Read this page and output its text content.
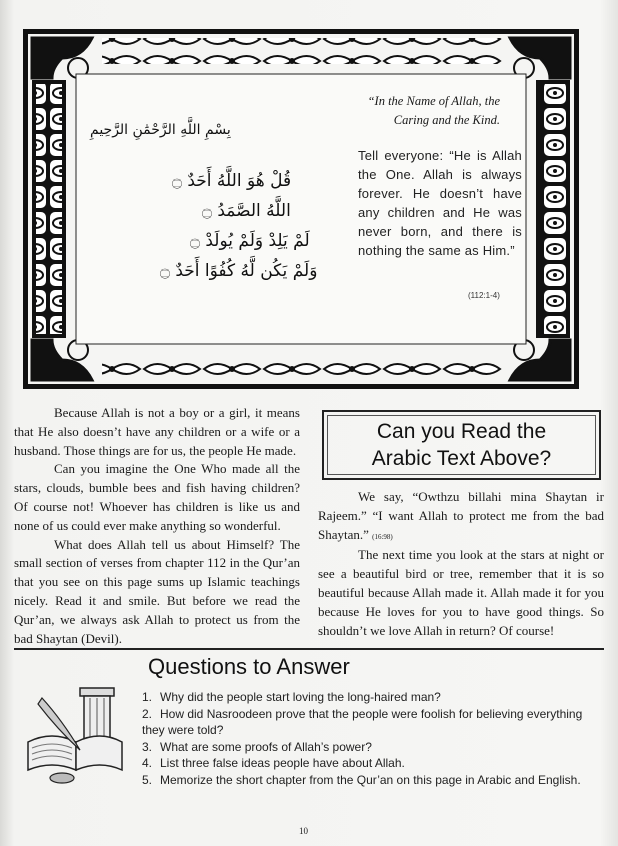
بِسْمِ اللَّهِ الرَّحْمَٰنِ الرَّحِيمِ
قُلْ هُوَ اللَّهُ أَحَدٌ ۝
اللَّهُ الصَّمَدُ ۝
لَمْ يَلِدْ وَلَمْ يُولَدْ ۝
وَلَمْ يَكُن لَّهُ كُفُوًا أَحَدٌ ۝
“In the Name of Allah, the Caring and the Kind.
Tell everyone: “He is Allah the One. Allah is always forever. He doesn’t have any children and He was never born, and there is nothing the same as Him.”
(112:1-4)

Because Allah is not a boy or a girl, it means that He also doesn’t have any children or a wife or a husband. Those things are for us, the people He made.

Can you imagine the One Who made all the stars, clouds, bumble bees and fish having children? Of course not! Whoever has children is like us and none of us could ever make anything so wonderful.

What does Allah tell us about Himself? The small section of verses from chapter 112 in the Qur’an that you see on this page sums up Islamic teachings nicely. Read it and smile. But before we read the Qur’an, we always ask Allah to protect us from the bad Shaytan (Devil).

Can you Read the
Arabic Text Above?

We say, “Owthzu billahi mina Shaytan ir Rajeem.” “I want Allah to protect me from the bad Shaytan.” (16:98)

The next time you look at the stars at night or see a beautiful bird or tree, remember that it is so beautiful because Allah made it. Allah made it for you because He loves for you to have good things. So shouldn’t we love Allah in return? Of course!

Questions to Answer
1. Why did the people start loving the long-haired man?
2. How did Nasroodeen prove that the people were foolish for believing everything they were told?
3. What are some proofs of Allah’s power?
4. List three false ideas people have about Allah.
5. Memorize the short chapter from the Qur’an on this page in Arabic and English.
10
